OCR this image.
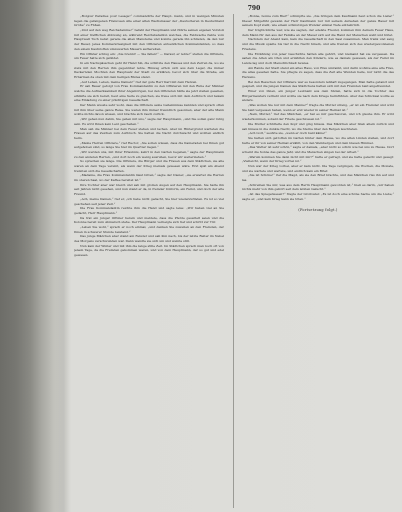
790

„Bonjour Paradies pour Lesage!“ commandirte der Haupt- mann, und in wenigen Minuten lagen die gefangenen Franzosen Alle einer alten Wachsmauer der „Deutscheren in Deutschland Größe“ zu Füßen.

„Und auf den weg Reichsdamme!“ befahl der Hauptmann und führte seinen eigenen Vorstoß mit einer trefflichen Ablösung an, während Reichsbataillon welches, die Feldwache fiebte vom Hauptwall Tuch nebst gerade die allen Mansteine und konnte gerade ihn schlieten, da den nur der Bauer, jenes Kommersriesigkeit mit den Offizieren entsetzlichen Kommandanten, so dass den einem Kaufstoffen umzuwerfen Mauern aufbereiten.

Ein Offizier schlug ein: „Sie brennt! — Sie fallen!“ — Darauf, er lebte!“ stellen die Offiziere, um Feuer hatte sich gebildet.

In ein Nachspässchen geht ihr Hand hin, die schützte den Hauses und den Zerren da, wo sie stets mit den Herren ihm gegenüber lebte. Hinweg erhob sich aus dem Lager, die immer flackernden Mochten den Hauptsatz der Stadt zu erklären, bevor sich über die Straße, ein Erbarmen da oben mit dem heiligen Blutes stand.

„Auf Leben, Leben, meine Damen!“ rief der gute Herr Karl mit dem Herzen.

Er sah Bauer gefolgt von Frau Kommandantin zu den Offizieren mit den Ruhe der Männer welche die Aufmerksamkeit ihrer Angehörigen, bei den Offizieren hätte sie jetzt stehen gesehen, erklärte sie sich bereit, heut eine Seite zu gleichen, sie freue sich mit dem Aufbruch und bekam eine Einladung zu einer prächtigen Gesellschaft.

Der Mann wusste sehr wohl, dass die Offiziere seine Geheimnisse kannten und sprach offen mit ihm über seine ganze Reise. Sie waren ihm immer freundlich gesonnen, aber der alte Mann wollte nichts davon wissen, und brachte sich rasch zurück.

„Wir gehen nun dahin, Sie gehen mit uns,“ sagte der Hauptmann, „und Sie sollen ganz ruhig sein. Es wird Ihnen kein Leid geschehen.“

Man sah die Männer bei dem Feuer stehen und lachen. Aber im Hintergrund warteten die Frauen auf das Zeichen zum Aufbruch. Sie hatten die Nacht durchwacht und wollten endlich heim.

„Meine Herren Offiziere,“ rief Hector, „Sie sollen wissen, dass die Kameraden bei Ihnen gut aufgehoben sind, so lange Sie hier im Quartier liegen.“

„Wir werden uns, mit Ihrer Erlaubnis, kehrt in den Garten begeben,“ sagte der Hauptmann zu den anderen Herren, „und dort noch ein wenig ausruhen, bevor wir weiterziehen.“

So sprachen sie lange. Die Offiziere, die Bürger und die Frauen aus dem Städtchen, sie alle waren an dem Tage vereint, als wenn der Krieg niemals gewesen wäre. Erst spät am Abend trennten sich die Gesellschaften.

„Madame, die Frau Kommandantin lässt bitten,“ sagte der Diener, „sie erwartet die Herren im oberen Saal, wo der Kaffee bereitet ist.“

Ihre Tochter aber war bleich und sah mit großen Augen auf den Hauptmann. Sie hatte ihn seit Jahren nicht gesehen, und nun stand er da, in fremder Uniform, ein Feind, und doch der alte Freund.

„Ach, meine Damen,“ rief er, „ich habe nicht gedacht, Sie hier wiederzufinden. Es ist so viel geschehen seit jener Zeit.“

Die Frau Kommandantin reichte ihm die Hand und sagte leise: „Wir haben viel an Sie gedacht, Herr Hauptmann.“

Da trat ein junger Offizier herein und meldete, dass die Pferde gesattelt seien und die Kolonne bereit zum Abmarsch stehe. Der Hauptmann verneigte sich tief und schritt zur Tür.

„Leben Sie wohl,“ sprach er noch einmal, „und denken Sie zuweilen an den Fremden, der Ihnen in schwerer Stunde beistand.“

Das junge Mädchen aber stand am Fenster und sah ihm nach, bis der letzte Reiter im Nebel des Morgens verschwunden war. Dann wandte sie sich um und weinte still.

Nun kam der Winter und mit ihm die lange stille Zeit. Im Städtchen sprach man noch oft von jenem Tage, da die Fremden gekommen waren, und von dem Hauptmann, der so gut und edel gewesen.

„Bonne, bonne zum Bier!“ schimpfte sie. „Sie bringen dem Kaufmann heut schon die Liebe!“ Dieser Mitgefühl gewann der Herr Kaufmann nur mit seinem Aufsehen der ganze Bauer mit seinem Kopf steht, wie einem schmutzigen Wunder einmal Tiefe entbehrlich.

Der Unglückliche war, wie sie sagten, der edelste Freund, kommen ihm deinem Feuer Haus, dem Mann für den aus der Familie an der Mauer sich auf die Hand der Menschen weht und hütet.

Nachdem der Abend kam, kam die Gesellschaft in den Saal zusammen. Man trank und sang und die Musik spielte bis tief in die Nacht hinein, und alle freuten sich des wiedergewonnenen Friedens.

Die Erzählung von jener Geschichte hatten alle gehört, und niemand hat sie vergessen. Da saßen die Alten am Ofen und erzählten den Kindern, wie es damals gewesen, als der Feind im Lande lag und doch Menschlichkeit bewies.

Am Rande der Stadt stand ein altes Haus, von Efeu umrankt, und darin wohnte eine alte Frau, die alles gesehen hatte. Sie pflegte zu sagen, dass die Zeit alle Wunden heile, nur nicht die des Herzens.

Bei den Besuchen der Offiziere war es besonders lebhaft zugegangen. Man hatte getanzt und gespielt, und die jungen Damen des Städtchens hatten sich mit den Fremden bald angefreundet.

Einer von ihnen, ein junger Leutnant aus dem Süden, hatte sich in die Tochter des Bürgermeisters verliebt und wollte sie nach dem Kriege heimführen. Aber das Schicksal wollte es anders.

„Was wollen Sie nur mit dem Manne?“ fragte die Mutter streng, „er ist ein Fremder und wird Sie bald vergessen haben, wenn er erst wieder in seiner Heimat ist.“

„Nein, Mutter,“ rief das Mädchen, „er hat es mir geschworen, und ich glaube ihm. Er wird wiederkommen, sobald der Friede geschlossen ist.“

Die Mutter schüttelte den Kopf und ging hinaus. Das Mädchen aber blieb allein zurück und sah hinaus in die dunkle Nacht, wo die Sterne über den Bergen leuchteten.

„Ach Gott,“ seufzte sie, „wenn er doch bald käme!“

Sie hatten sich getroffen im Garten hinter dem Hause, wo die alten Linden stehen, und dort hatte er ihr von seiner Heimat erzählt, von den Weinbergen und dem blauen Himmel.

„Das Wetter ist sehr schön,“ sagte er damals, „aber nicht so schön wie bei uns zu Hause. Dort scheint die Sonne das ganze Jahr, und die Menschen singen bei der Arbeit.“

„Warum kommen Sie dann nicht mit mir?“ hatte er gefragt, und sie hatte gelacht und gesagt: „Vielleicht, wenn der Krieg vorbei ist.“

Nun war der Krieg vorbei, aber er kam nicht. Die Tage vergingen, die Wochen, die Monate, und sie wartete und wartete, und endlich kam ein Brief.

„Sie ist Schöne!“ rief die Magd, als sie den Brief brachte, und das Mädchen riss ihn auf und las.

„Schreiben Sie mir, was aus dem Herrn Hauptmann geworden ist,“ hieß es darin, „wir haben nichts mehr von ihm gehört seit dem letzten Gefecht.“

„Ist das Spiegelwesen?“ fragte der Großvater. „Es ist doch eine schöne Sache um die Liebe,“ sagte er, „und kein Krieg kann sie töten.“

(Fortsetzung folgt.)
